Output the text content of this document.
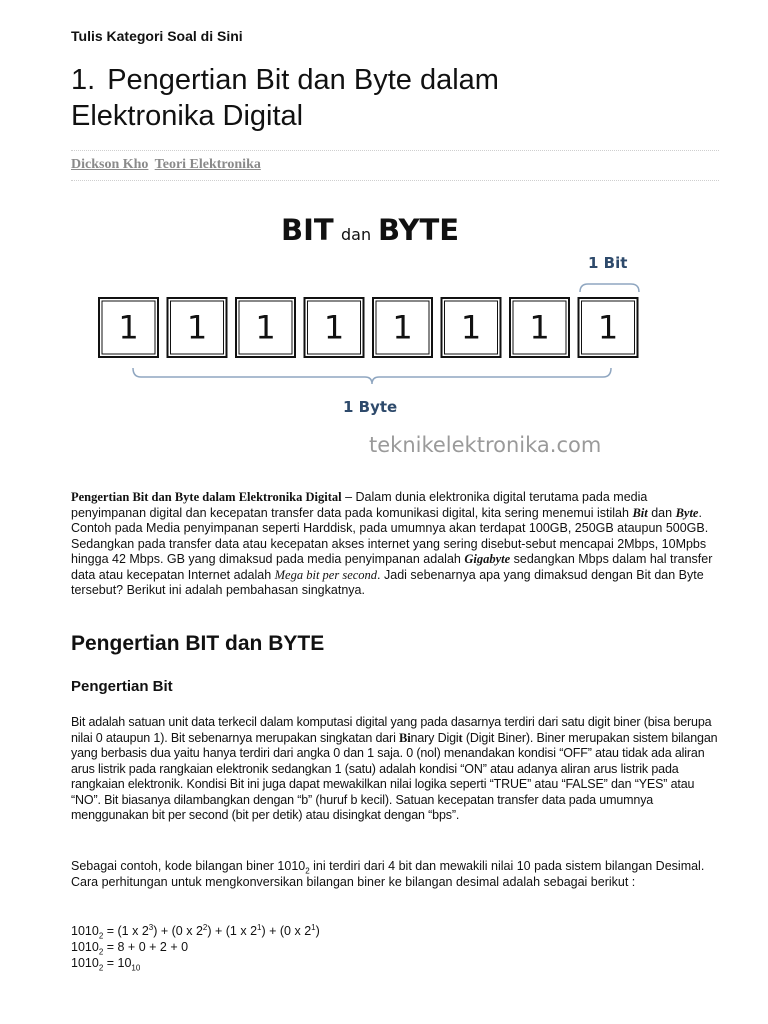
Tulis Kategori Soal di Sini
1. Pengertian Bit dan Byte dalam
Elektronika Digital
Dickson Kho Teori Elektronika
BIT dan BYTE
1 Bit
1 1 1 1 1 1 1 1
1 Byte
teknikelektronika.com

Pengertian Bit dan Byte dalam Elektronika Digital – Dalam dunia elektronika digital terutama pada media penyimpanan digital dan kecepatan transfer data pada komunikasi digital, kita sering menemui istilah Bit dan Byte. Contoh pada Media penyimpanan seperti Harddisk, pada umumnya akan terdapat 100GB, 250GB ataupun 500GB. Sedangkan pada transfer data atau kecepatan akses internet yang sering disebut-sebut mencapai 2Mbps, 10Mpbs hingga 42 Mbps. GB yang dimaksud pada media penyimpanan adalah Gigabyte sedangkan Mbps dalam hal transfer data atau kecepatan Internet adalah Mega bit per second. Jadi sebenarnya apa yang dimaksud dengan Bit dan Byte tersebut? Berikut ini adalah pembahasan singkatnya.

Pengertian BIT dan BYTE
Pengertian Bit

Bit adalah satuan unit data terkecil dalam komputasi digital yang pada dasarnya terdiri dari satu digit biner (bisa berupa nilai 0 ataupun 1). Bit sebenarnya merupakan singkatan dari Binary Digit (Digit Biner). Biner merupakan sistem bilangan yang berbasis dua yaitu hanya terdiri dari angka 0 dan 1 saja. 0 (nol) menandakan kondisi “OFF” atau tidak ada aliran arus listrik pada rangkaian elektronik sedangkan 1 (satu) adalah kondisi “ON” atau adanya aliran arus listrik pada rangkaian elektronik. Kondisi Bit ini juga dapat mewakilkan nilai logika seperti “TRUE” atau “FALSE” dan “YES” atau “NO”. Bit biasanya dilambangkan dengan “b” (huruf b kecil). Satuan kecepatan transfer data pada umumnya menggunakan bit per second (bit per detik) atau disingkat dengan “bps”.

Sebagai contoh, kode bilangan biner $1010_2$ ini terdiri dari 4 bit dan mewakili nilai 10 pada sistem bilangan Desimal. Cara perhitungan untuk mengkonversikan bilangan biner ke bilangan desimal adalah sebagai berikut :

$1010_2 = (1$ x $2^3) + (0$ x $2^2) + (1$ x $2^1) + (0$ x $2^1$)

$1010_2 = 8 + 0 + 2 + 0$

$1010_2 = 10_{10}$
